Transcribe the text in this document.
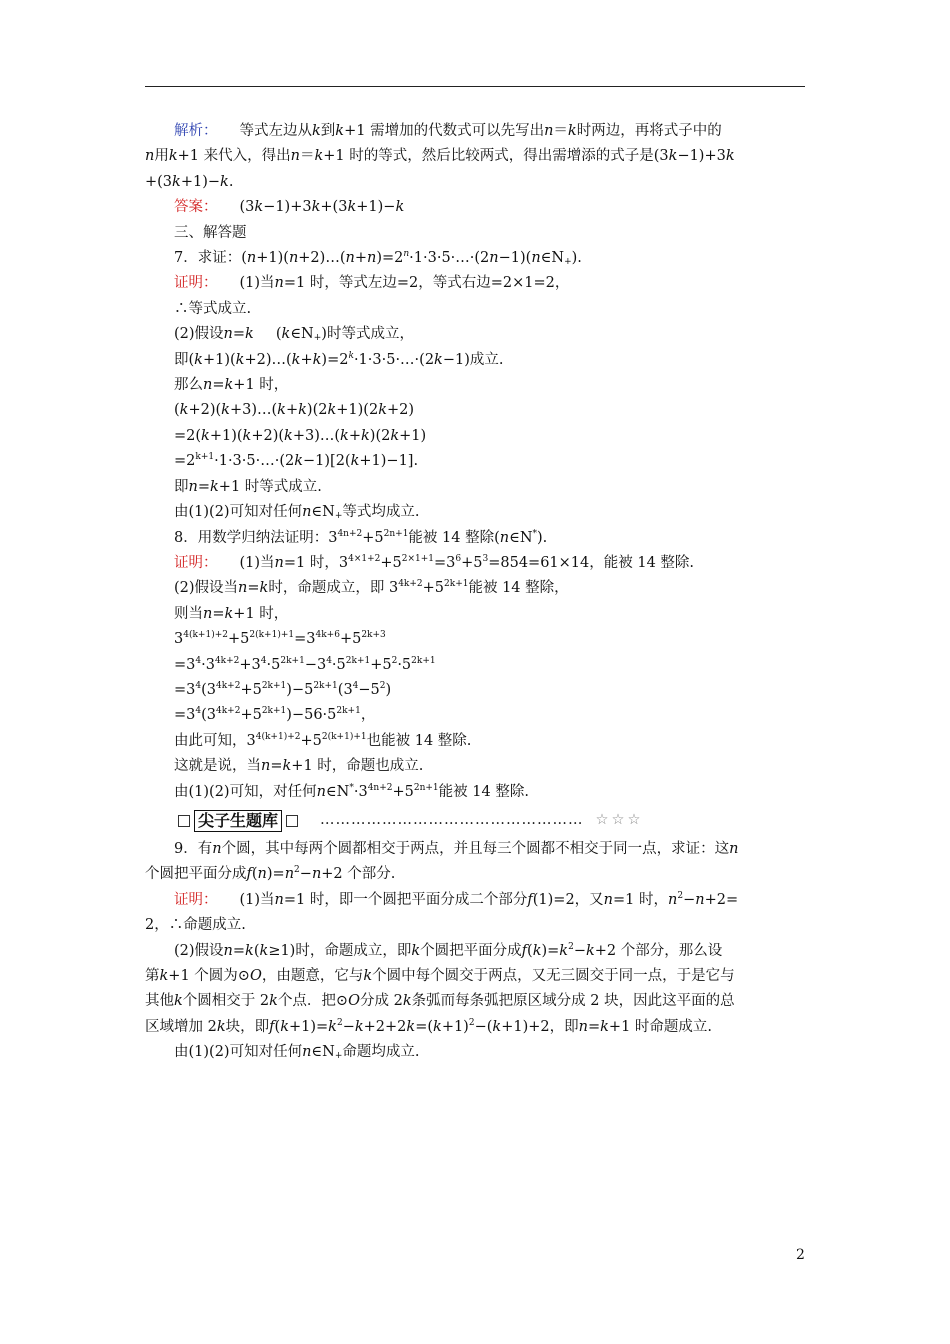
解析： 等式左边从k到k+1 需增加的代数式可以先写出n＝k时两边，再将式子中的
n用k+1 来代入，得出n＝k+1 时的等式，然后比较两式，得出需增添的式子是(3k−1)+3k
+(3k+1)−k.
答案： (3k−1)+3k+(3k+1)−k
三、解答题
7．求证：$(n+1)(n+2)\dots(n+n)=2^n\cdot 1\cdot 3\cdot 5\cdot\dots\cdot(2n-1)(n\in N_+)$.
证明： (1)当n=1 时，等式左边=2，等式右边=2×1=2，
∴等式成立.
(2)假设n=k $(k\in N_+)$时等式成立，
即$(k+1)(k+2)\dots(k+k)=2^k\cdot 1\cdot 3\cdot 5\cdot\dots\cdot(2k-1)$成立.
那么n=k+1 时，
(k+2)(k+3)…(k+k)(2k+1)(2k+2)
=2(k+1)(k+2)(k+3)…(k+k)(2k+1)
$=2^{k+1}\cdot 1\cdot 3\cdot 5\cdot\dots\cdot(2k-1)[2(k+1)-1]$.
即n=k+1 时等式成立.
由(1)(2)可知对任何$n\in N_+$等式均成立.
8．用数学归纳法证明：$3^{4n+2}+5^{2n+1}$能被 14 整除(n∈N*).
证明： (1)当n=1 时，$3^{4\times 1+2}+5^{2\times 1+1}=3^6+5^3=854=61\times 14$，能被 14 整除.
(2)假设当n=k时，命题成立，即 $3^{4k+2}+5^{2k+1}$能被 14 整除，
则当n=k+1 时，
$3^{4(k+1)+2}+5^{2(k+1)+1}=3^{4k+6}+5^{2k+3}$
$=3^4\cdot 3^{4k+2}+3^4\cdot 5^{2k+1}-3^4\cdot 5^{2k+1}+5^2\cdot 5^{2k+1}$
$=3^4(3^{4k+2}+5^{2k+1})-5^{2k+1}(3^4-5^2)$
$=3^4(3^{4k+2}+5^{2k+1})-56\cdot 5^{2k+1}$，
由此可知，$3^{4(k+1)+2}+5^{2(k+1)+1}$也能被 14 整除.
这就是说，当n=k+1 时，命题也成立.
由(1)(2)可知，对任何$n\in N^*\cdot 3^{4n+2}+5^{2n+1}$能被 14 整除.
尖子生题库	…………………………………………… ☆☆☆
9．有n个圆，其中每两个圆都相交于两点，并且每三个圆都不相交于同一点，求证：这n
个圆把平面分成$f(n)=n^2-n+2$ 个部分.
证明： (1)当n=1 时，即一个圆把平面分成二个部分f(1)=2，又n=1 时，$n^2-n+2=$
2，∴命题成立.
(2)假设n=k(k≥1)时，命题成立，即k个圆把平面分成$f(k)=k^2-k+2$ 个部分，那么设
第k+1 个圆为⊙O，由题意，它与k个圆中每个圆交于两点，又无三圆交于同一点，于是它与
其他k个圆相交于 2k个点．把⊙O分成 2k条弧而每条弧把原区域分成 2 块，因此这平面的总
区域增加 2k块，即$f(k+1)=k^2-k+2+2k=(k+1)^2-(k+1)+2$，即n=k+1 时命题成立.
由(1)(2)可知对任何$n\in N_+$命题均成立.
2
